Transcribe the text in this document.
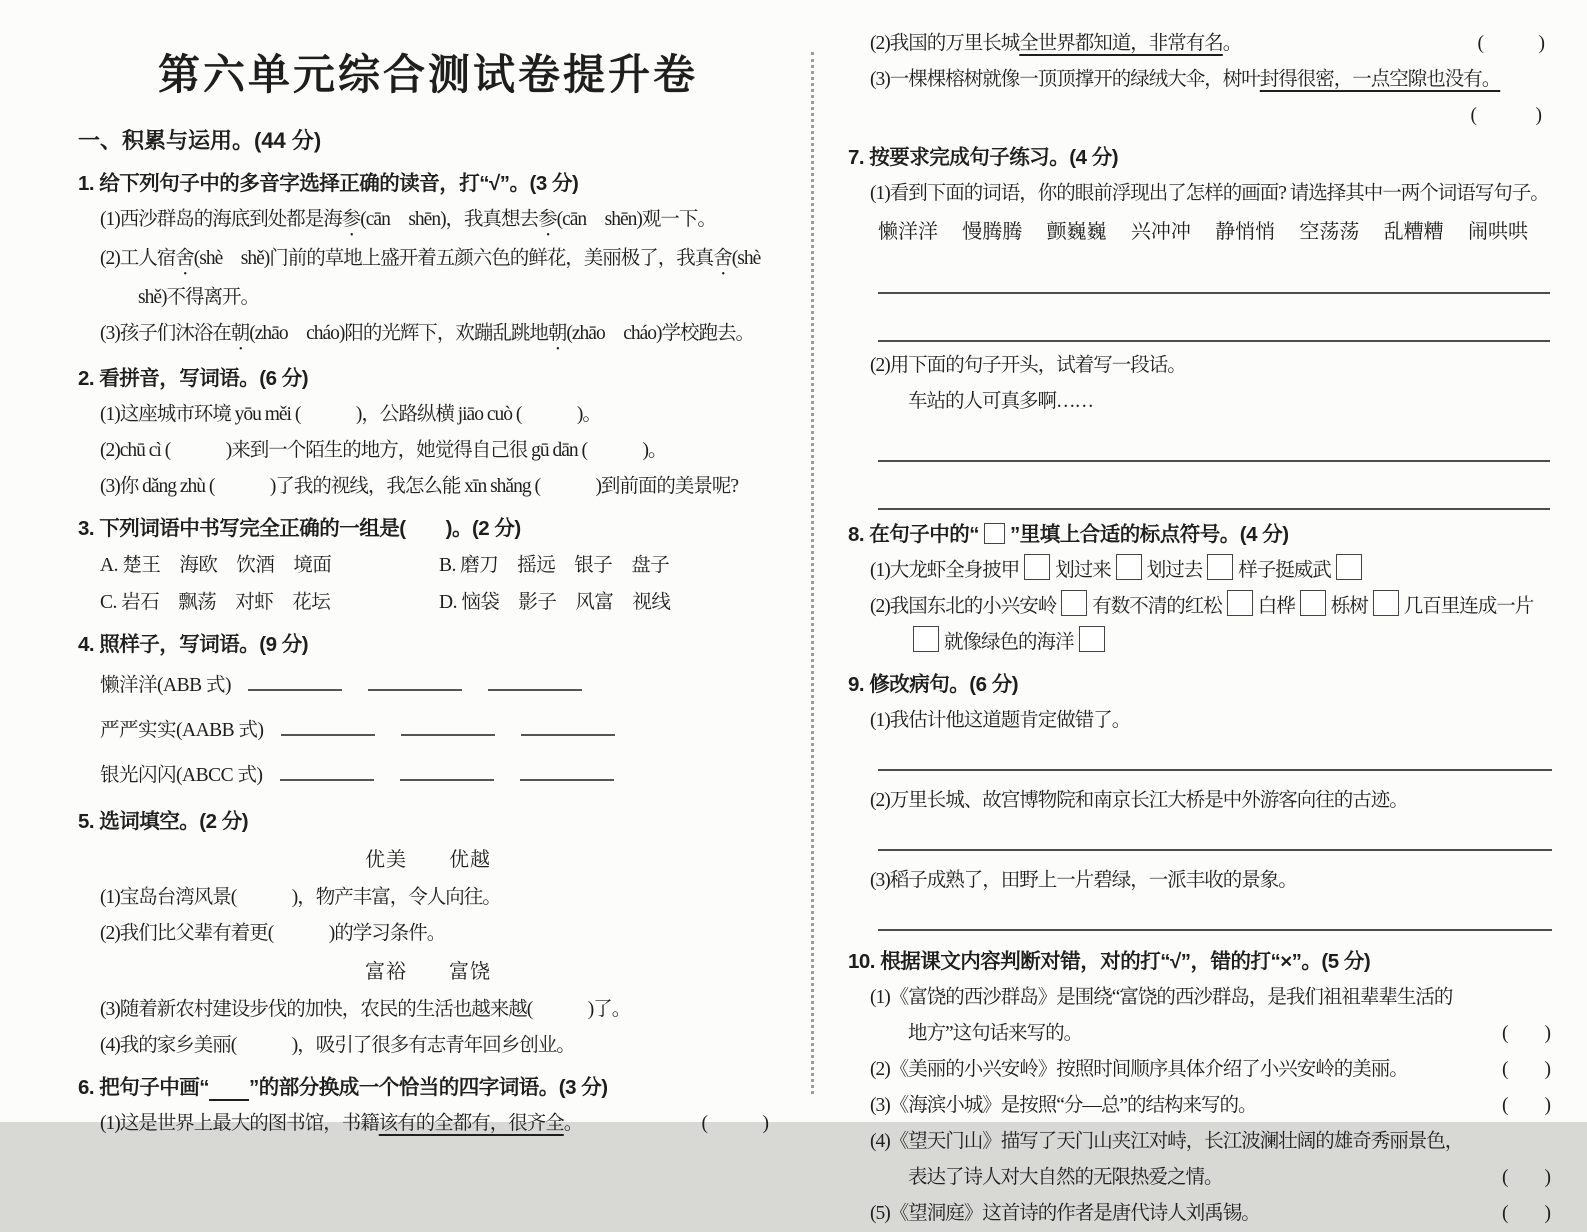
第六单元综合测试卷提升卷
一、积累与运用。(44 分)
1. 给下列句子中的多音字选择正确的读音，打“√”。(3 分)
(1)西沙群岛的海底到处都是海参(cān　shēn)，我真想去参(cān　shēn)观一下。
(2)工人宿舍(shè　shě)门前的草地上盛开着五颜六色的鲜花，美丽极了，我真舍(shè　shě)不得离开。
(3)孩子们沐浴在朝(zhāo　cháo)阳的光辉下，欢蹦乱跳地朝(zhāo　cháo)学校跑去。
2. 看拼音，写词语。(6 分)
(1)这座城市环境 yōu měi (　　　)，公路纵横 jiāo cuò (　　　)。
(2)chū cì (　　　)来到一个陌生的地方，她觉得自己很 gū dān (　　　)。
(3)你 dǎng zhù (　　　)了我的视线，我怎么能 xīn shǎng (　　　)到前面的美景呢?
3. 下列词语中书写完全正确的一组是(　　)。(2 分)
A. 楚王　海欧　饮酒　境面	B. 磨刀　摇远　银子　盘子
C. 岩石　飘荡　对虾　花坛	D. 恼袋　影子　风富　视线
4. 照样子，写词语。(9 分)
懒洋洋(ABB 式)
严严实实(AABB 式)
银光闪闪(ABCC 式)
5. 选词填空。(2 分)
优美　　优越
(1)宝岛台湾风景(　　　)，物产丰富，令人向往。
(2)我们比父辈有着更(　　　)的学习条件。
富裕　　富饶
(3)随着新农村建设步伐的加快，农民的生活也越来越(　　　)了。
(4)我的家乡美丽(　　　)，吸引了很多有志青年回乡创业。
6. 把句子中画“　　 ”的部分换成一个恰当的四字词语。(3 分)
(1)这是世界上最大的图书馆，书籍该有的全都有，很齐全。	(　　　)
(2)我国的万里长城全世界都知道，非常有名。	(　　　)
(3)一棵棵榕树就像一顶顶撑开的绿绒大伞，树叶封得很密，一点空隙也没有。
(　　　)
7. 按要求完成句子练习。(4 分)
(1)看到下面的词语，你的眼前浮现出了怎样的画面? 请选择其中一两个词语写句子。
懒洋洋 慢腾腾 颤巍巍 兴冲冲 静悄悄 空荡荡 乱糟糟 闹哄哄
(2)用下面的句子开头，试着写一段话。
车站的人可真多啊……
8. 在句子中的“ ”里填上合适的标点符号。(4 分)
(1)大龙虾全身披甲 划过来 划过去 样子挺威武
(2)我国东北的小兴安岭 有数不清的红松 白桦 栎树 几百里连成一片就像绿色的海洋
9. 修改病句。(6 分)
(1)我估计他这道题肯定做错了。
(2)万里长城、故宫博物院和南京长江大桥是中外游客向往的古迹。
(3)稻子成熟了，田野上一片碧绿，一派丰收的景象。
10. 根据课文内容判断对错，对的打“√”，错的打“×”。(5 分)
(1)《富饶的西沙群岛》是围绕“富饶的西沙群岛，是我们祖祖辈辈生活的地方”这句话来写的。	(　　)
(2)《美丽的小兴安岭》按照时间顺序具体介绍了小兴安岭的美丽。	(　　)
(3)《海滨小城》是按照“分—总”的结构来写的。	(　　)
(4)《望天门山》描写了天门山夹江对峙，长江波澜壮阔的雄奇秀丽景色，表达了诗人对大自然的无限热爱之情。	(　　)
(5)《望洞庭》这首诗的作者是唐代诗人刘禹锡。	(　　)
